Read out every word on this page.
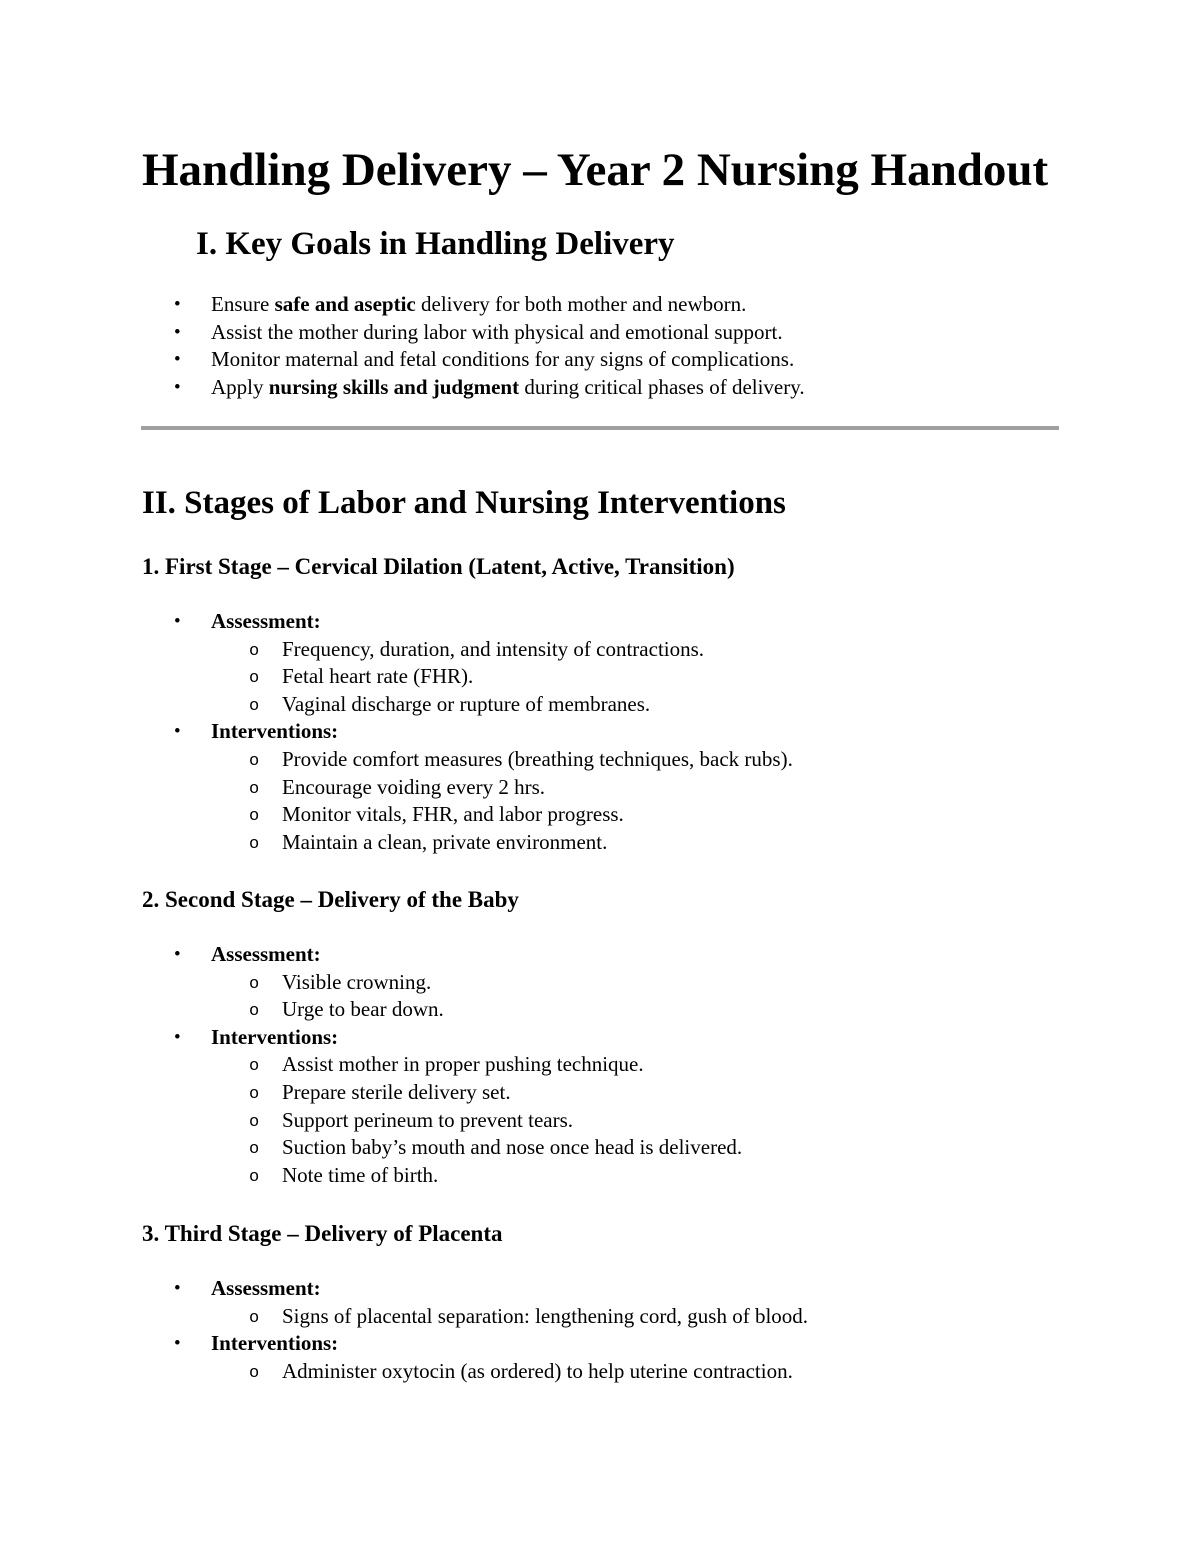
Handling Delivery – Year 2 Nursing Handout
I. Key Goals in Handling Delivery
• Ensure safe and aseptic delivery for both mother and newborn.
• Assist the mother during labor with physical and emotional support.
• Monitor maternal and fetal conditions for any signs of complications.
• Apply nursing skills and judgment during critical phases of delivery.
II. Stages of Labor and Nursing Interventions
1. First Stage – Cervical Dilation (Latent, Active, Transition)
• Assessment:
o Frequency, duration, and intensity of contractions.
o Fetal heart rate (FHR).
o Vaginal discharge or rupture of membranes.
• Interventions:
o Provide comfort measures (breathing techniques, back rubs).
o Encourage voiding every 2 hrs.
o Monitor vitals, FHR, and labor progress.
o Maintain a clean, private environment.
2. Second Stage – Delivery of the Baby
• Assessment:
o Visible crowning.
o Urge to bear down.
• Interventions:
o Assist mother in proper pushing technique.
o Prepare sterile delivery set.
o Support perineum to prevent tears.
o Suction baby’s mouth and nose once head is delivered.
o Note time of birth.
3. Third Stage – Delivery of Placenta
• Assessment:
o Signs of placental separation: lengthening cord, gush of blood.
• Interventions:
o Administer oxytocin (as ordered) to help uterine contraction.
